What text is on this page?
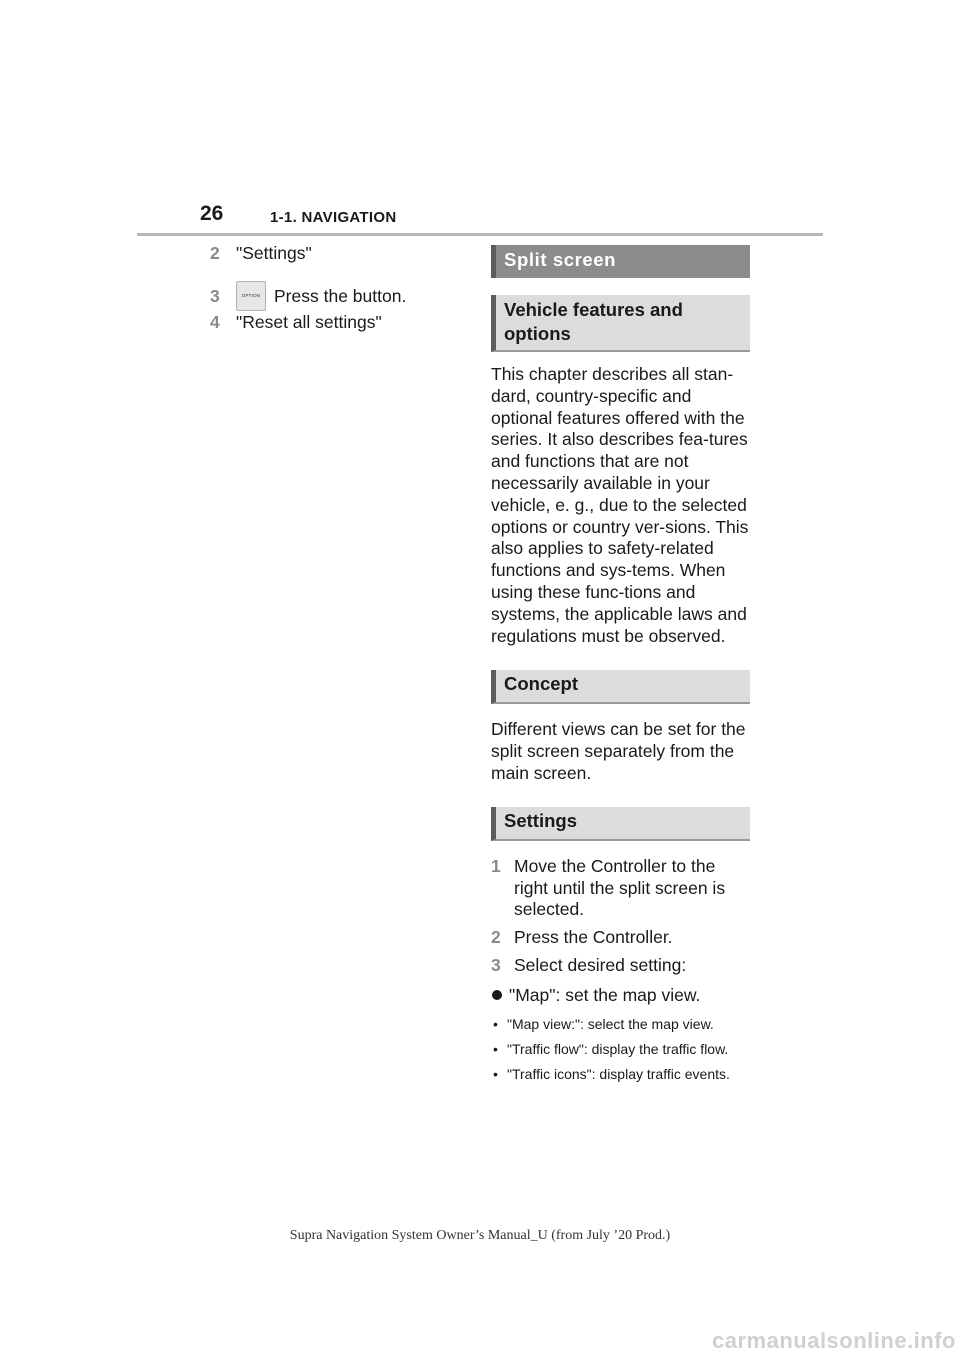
26	1-1. NAVIGATION
2 "Settings"
3	OPTION Press the button.
4 "Reset all settings"
Split screen
Vehicle features and options

This chapter describes all stan-dard, country-specific and optional features offered with the series. It also describes fea-tures and functions that are not necessarily available in your vehicle, e. g., due to the selected options or country ver-sions. This also applies to safety-related functions and sys-tems. When using these func-tions and systems, the applicable laws and regulations must be observed.

Concept

Different views can be set for the split screen separately from the main screen.

Settings
1 Move the Controller to the right until the split screen is selected.
2 Press the Controller.
3 Select desired setting:
"Map": set the map view.
• "Map view:": select the map view.
• "Traffic flow": display the traffic flow.
• "Traffic icons": display traffic events.
Supra Navigation System Owner’s Manual_U (from July ’20 Prod.)
carmanualsonline.info
